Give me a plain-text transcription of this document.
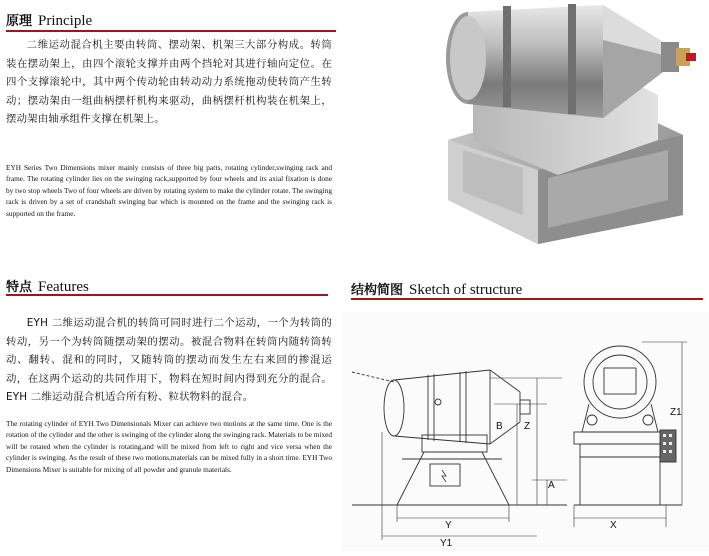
原理 Principle
二维运动混合机主要由转筒、摆动架、机架三大部分构成。转筒装在摆动架上，由四个滚轮支撑并由两个挡轮对其进行轴向定位。在四个支撑滚轮中，其中两个传动轮由转动动力系统拖动使转筒产生转动；摆动架由一组曲柄摆杆机构来驱动，曲柄摆杆机构装在机架上，摆动架由轴承组件支撑在机架上。
EYH Series Two Dimensions mixer mainly consists of three big parts, rotating cylinder,swinging rack and frame. The rotating cylinder lies on the swinging rack,supported by four wheels and its axial fixation is done by two stop wheels Two of four wheels are driven by rotating system to make the cylinder rotate. The swinging rack is driven by a set of crandshaft swinging bar which is mounted on the frame and the swinging rack is supported on the frame.
特点 Features
EYH 二维运动混合机的转筒可同时进行二个运动，一个为转筒的转动，另一个为转筒随摆动架的摆动。被混合物料在转筒内随转筒转动、翻转、混和的同时，又随转筒的摆动而发生左右来回的掺混运动，在这两个运动的共同作用下，物料在短时间内得到充分的混合。EYH 二维运动混合机适合所有粉、粒状物料的混合。
The rotating cylinder of EYH Two Dimensionals Mixer can achieve two motions at the same time. One is the rotation of the cylinder and the other is swinging of the cylinder along the swinging rack. Materials to be mixed will be rotated when the cylinder is rotating,and will be mixed from left to right and vice versa when the cylinder is swinging. As the result of these two motions,materials can be mixed fully in a short time. EYH Two Dimensions Mixer is suitable for mixing of all powder and granule materials.
结构简图 Sketch of structure
B Z
A
Y
Y1
Z1
X
